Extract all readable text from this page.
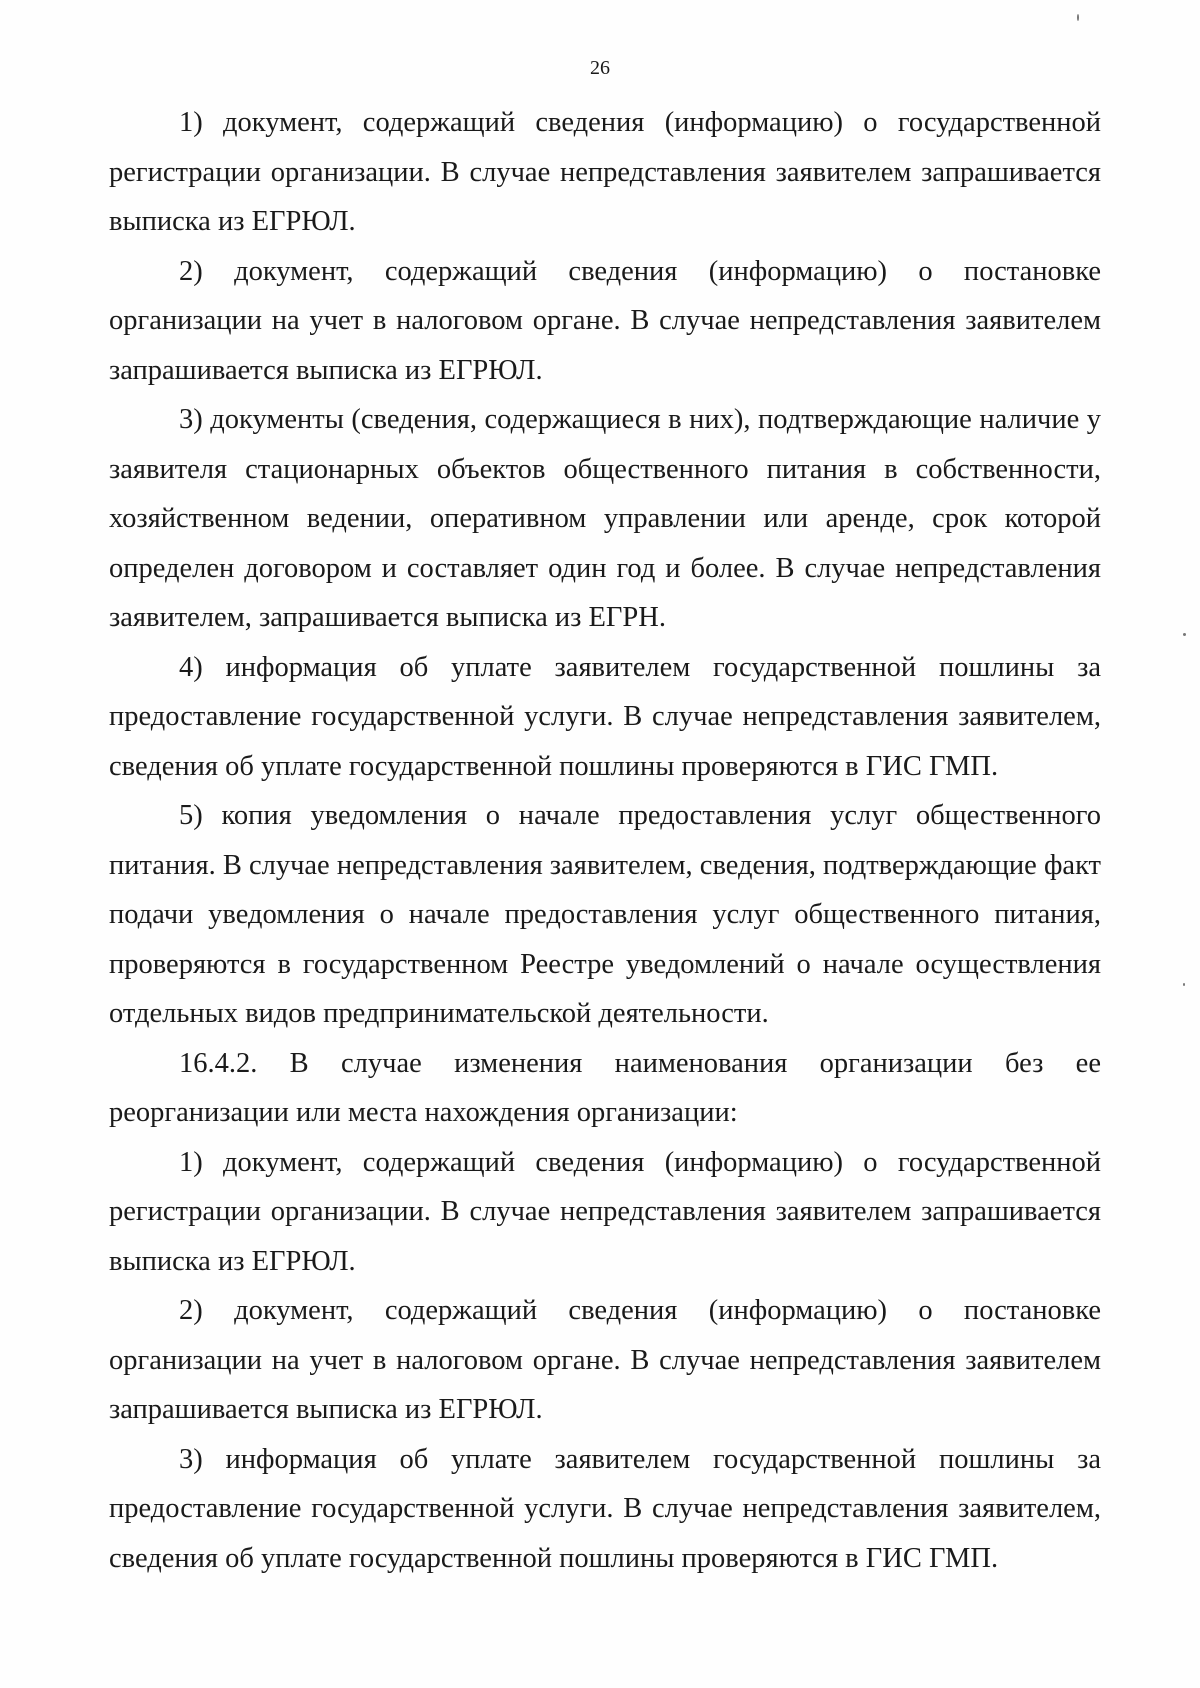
26

1) документ, содержащий сведения (информацию) о государственной регистрации организации. В случае непредставления заявителем запрашивается выписка из ЕГРЮЛ.

2) документ, содержащий сведения (информацию) о постановке организации на учет в налоговом органе. В случае непредставления заявителем запрашивается выписка из ЕГРЮЛ.

3) документы (сведения, содержащиеся в них), подтверждающие наличие у заявителя стационарных объектов общественного питания в собственности, хозяйственном ведении, оперативном управлении или аренде, срок которой определен договором и составляет один год и более. В случае непредставления заявителем, запрашивается выписка из ЕГРН.

4) информация об уплате заявителем государственной пошлины за предоставление государственной услуги. В случае непредставления заявителем, сведения об уплате государственной пошлины проверяются в ГИС ГМП.

5) копия уведомления о начале предоставления услуг общественного питания. В случае непредставления заявителем, сведения, подтверждающие факт подачи уведомления о начале предоставления услуг общественного питания, проверяются в государственном Реестре уведомлений о начале осуществления отдельных видов предпринимательской деятельности.

16.4.2. В случае изменения наименования организации без ее реорганизации или места нахождения организации:

1) документ, содержащий сведения (информацию) о государственной регистрации организации. В случае непредставления заявителем запрашивается выписка из ЕГРЮЛ.

2) документ, содержащий сведения (информацию) о постановке организации на учет в налоговом органе. В случае непредставления заявителем запрашивается выписка из ЕГРЮЛ.

3) информация об уплате заявителем государственной пошлины за предоставление государственной услуги. В случае непредставления заявителем, сведения об уплате государственной пошлины проверяются в ГИС ГМП.
